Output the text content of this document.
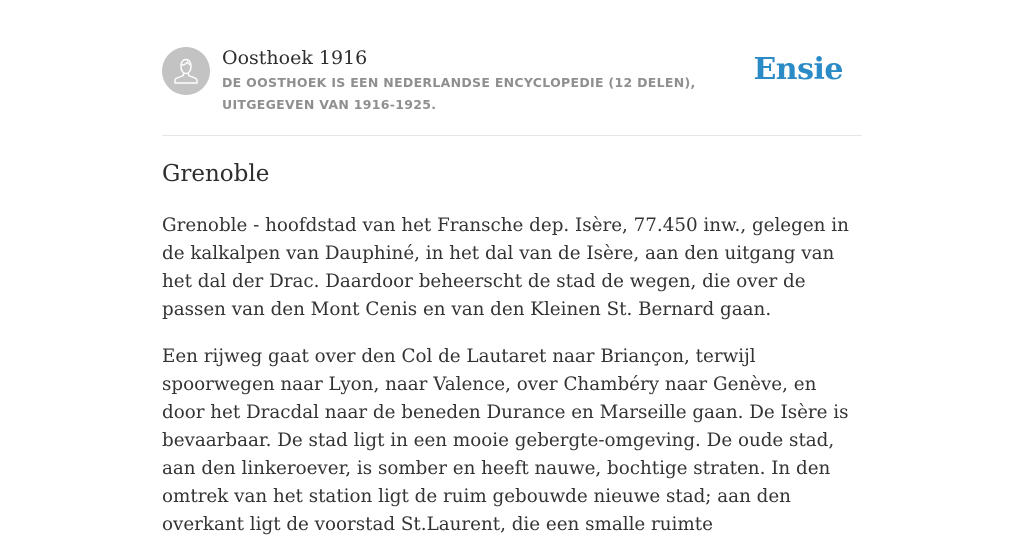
Oosthoek 1916
DE OOSTHOEK IS EEN NEDERLANDSE ENCYCLOPEDIE (12 DELEN), UITGEGEVEN VAN 1916-1925.
Ensie
Grenoble

Grenoble - hoofdstad van het Fransche dep. Isère, 77.450 inw., gelegen in de kalkalpen van Dauphiné, in het dal van de Isère, aan den uitgang van het dal der Drac. Daardoor beheerscht de stad de wegen, die over de passen van den Mont Cenis en van den Kleinen St. Bernard gaan.

Een rijweg gaat over den Col de Lautaret naar Briançon, terwijl spoorwegen naar Lyon, naar Valence, over Chambéry naar Genève, en door het Dracdal naar de beneden Durance en Marseille gaan. De Isère is bevaarbaar. De stad ligt in een mooie gebergte-omgeving. De oude stad, aan den linkeroever, is somber en heeft nauwe, bochtige straten. In den omtrek van het station ligt de ruim gebouwde nieuwe stad; aan den overkant ligt de voorstad St.Laurent, die een smalle ruimte
